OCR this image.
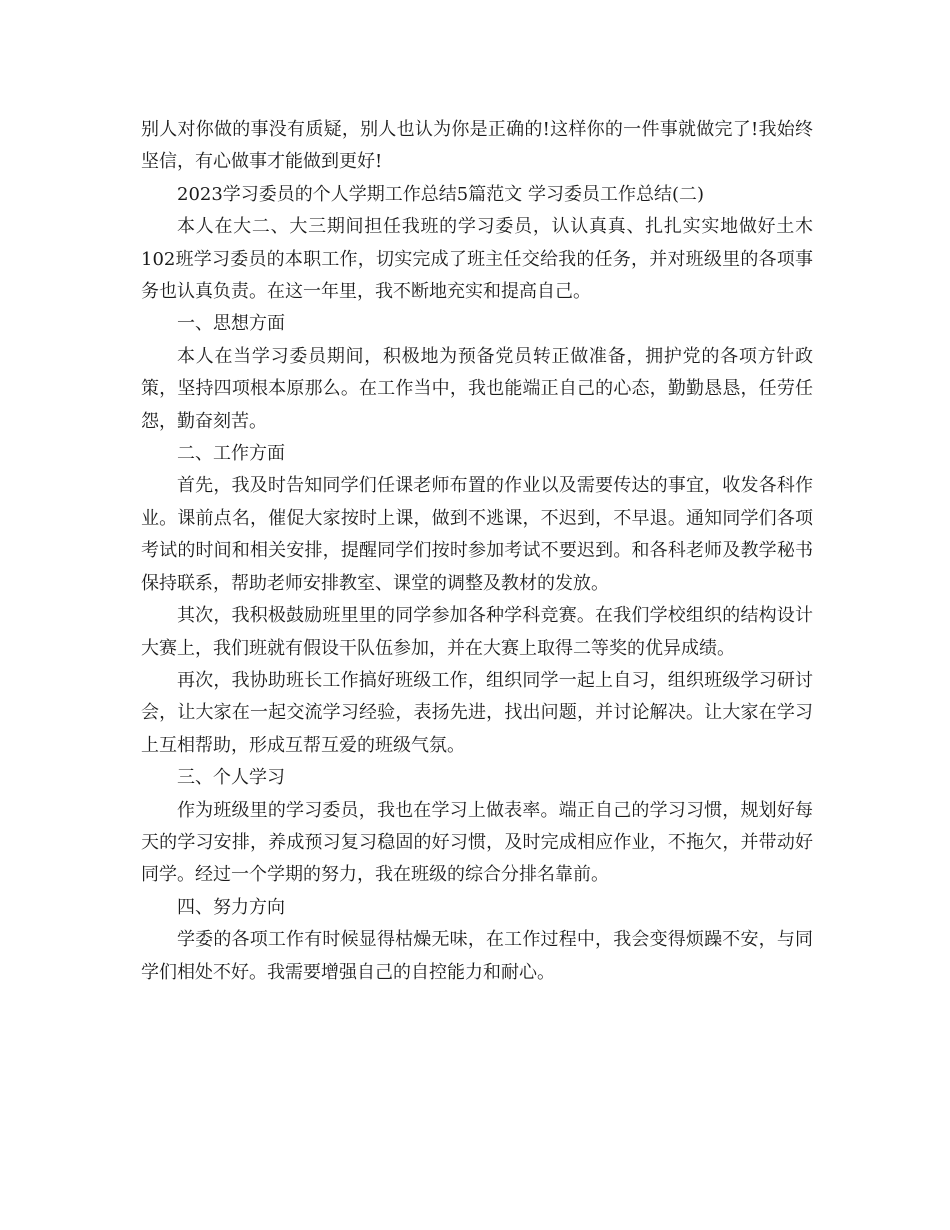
别人对你做的事没有质疑，别人也认为你是正确的!这样你的一件事就做完了!我始终坚信，有心做事才能做到更好!

2023学习委员的个人学期工作总结5篇范文 学习委员工作总结(二)

本人在大二、大三期间担任我班的学习委员，认认真真、扎扎实实地做好土木102班学习委员的本职工作，切实完成了班主任交给我的任务，并对班级里的各项事务也认真负责。在这一年里，我不断地充实和提高自己。

一、思想方面

本人在当学习委员期间，积极地为预备党员转正做准备，拥护党的各项方针政策，坚持四项根本原那么。在工作当中，我也能端正自己的心态，勤勤恳恳，任劳任怨，勤奋刻苦。

二、工作方面

首先，我及时告知同学们任课老师布置的作业以及需要传达的事宜，收发各科作业。课前点名，催促大家按时上课，做到不逃课，不迟到，不早退。通知同学们各项考试的时间和相关安排，提醒同学们按时参加考试不要迟到。和各科老师及教学秘书保持联系，帮助老师安排教室、课堂的调整及教材的发放。

其次，我积极鼓励班里里的同学参加各种学科竞赛。在我们学校组织的结构设计大赛上，我们班就有假设干队伍参加，并在大赛上取得二等奖的优异成绩。

再次，我协助班长工作搞好班级工作，组织同学一起上自习，组织班级学习研讨会，让大家在一起交流学习经验，表扬先进，找出问题，并讨论解决。让大家在学习上互相帮助，形成互帮互爱的班级气氛。

三、个人学习

作为班级里的学习委员，我也在学习上做表率。端正自己的学习习惯，规划好每天的学习安排，养成预习复习稳固的好习惯，及时完成相应作业，不拖欠，并带动好同学。经过一个学期的努力，我在班级的综合分排名靠前。

四、努力方向

学委的各项工作有时候显得枯燥无味，在工作过程中，我会变得烦躁不安，与同学们相处不好。我需要增强自己的自控能力和耐心。
